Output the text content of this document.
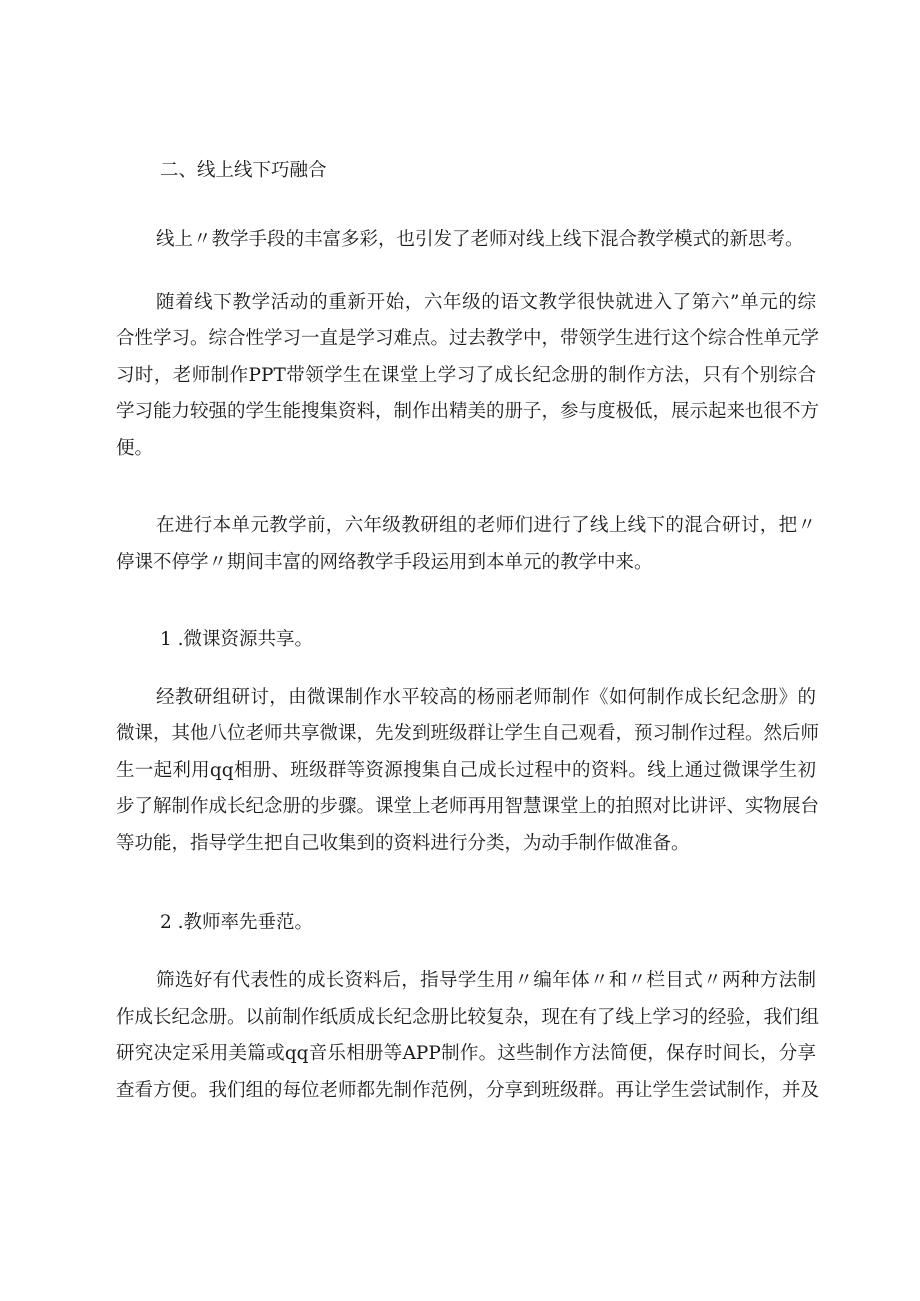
二、线上线下巧融合
线上〃教学手段的丰富多彩，也引发了老师对线上线下混合教学模式的新思考。
随着线下教学活动的重新开始，六年级的语文教学很快就进入了第六”单元的综
合性学习。综合性学习一直是学习难点。过去教学中，带领学生进行这个综合性单元学
习时，老师制作PPT带领学生在课堂上学习了成长纪念册的制作方法，只有个别综合
学习能力较强的学生能搜集资料，制作出精美的册子，参与度极低，展示起来也很不方
便。
在进行本单元教学前，六年级教研组的老师们进行了线上线下的混合研讨，把〃
停课不停学〃期间丰富的网络教学手段运用到本单元的教学中来。
1 .微课资源共享。
经教研组研讨，由微课制作水平较高的杨丽老师制作《如何制作成长纪念册》的
微课，其他八位老师共享微课，先发到班级群让学生自己观看，预习制作过程。然后师
生一起利用qq相册、班级群等资源搜集自己成长过程中的资料。线上通过微课学生初
步了解制作成长纪念册的步骤。课堂上老师再用智慧课堂上的拍照对比讲评、实物展台
等功能，指导学生把自己收集到的资料进行分类，为动手制作做准备。
2 .教师率先垂范。
筛选好有代表性的成长资料后，指导学生用〃编年体〃和〃栏目式〃两种方法制
作成长纪念册。以前制作纸质成长纪念册比较复杂，现在有了线上学习的经验，我们组
研究决定采用美篇或qq音乐相册等APP制作。这些制作方法简便，保存时间长，分享
查看方便。我们组的每位老师都先制作范例，分享到班级群。再让学生尝试制作，并及
